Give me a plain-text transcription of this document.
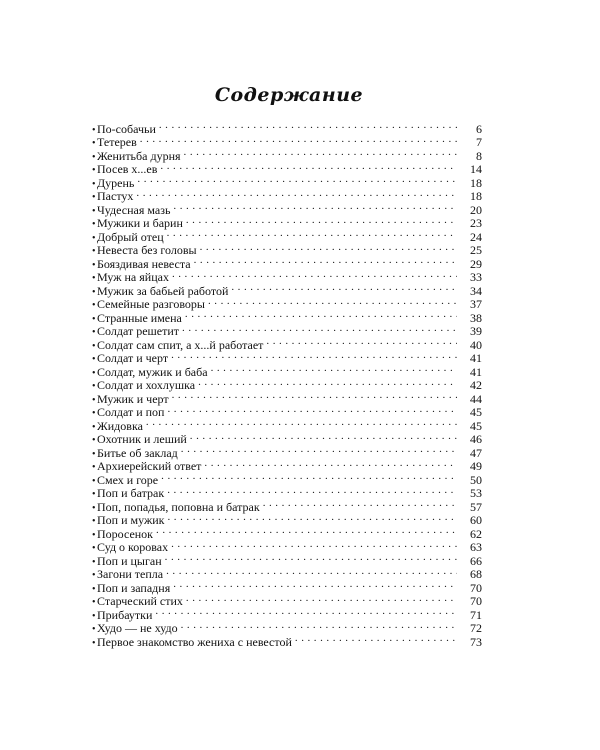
Содержание
• По-собачьи . . .	6
• Тетерев . . .	7
• Женитьба дурня . . .	8
• Посев х...ев . . .	14
• Дурень . . .	18
• Пастух . . .	18
• Чудесная мазь . . .	20
• Мужики и барин . . .	23
• Добрый отец . . .	24
• Невеста без головы . . .	25
• Бояздивая невеста . . .	29
• Муж на яйцах . . .	33
• Мужик за бабьей работой . . .	34
• Семейные разговоры . . .	37
• Странные имена . . .	38
• Солдат решетит . . .	39
• Солдат сам спит, а х...й работает . . .	40
• Солдат и черт . . .	41
• Солдат, мужик и баба . . .	41
• Солдат и хохлушка . . .	42
• Мужик и черт . . .	44
• Солдат и поп . . .	45
• Жидовка . . .	45
• Охотник и леший . . .	46
• Битье об заклад . . .	47
• Архиерейский ответ . . .	49
• Смех и горе . . .	50
• Поп и батрак . . .	53
• Поп, попадья, поповна и батрак . . .	57
• Поп и мужик . . .	60
• Поросенок . . .	62
• Суд о коровах . . .	63
• Поп и цыган . . .	66
• Загони тепла . . .	68
• Поп и западня . . .	70
• Старческий стих . . .	70
• Прибаутки . . .	71
• Худо — не худо . . .	72
• Первое знакомство жениха с невестой . . .	73
